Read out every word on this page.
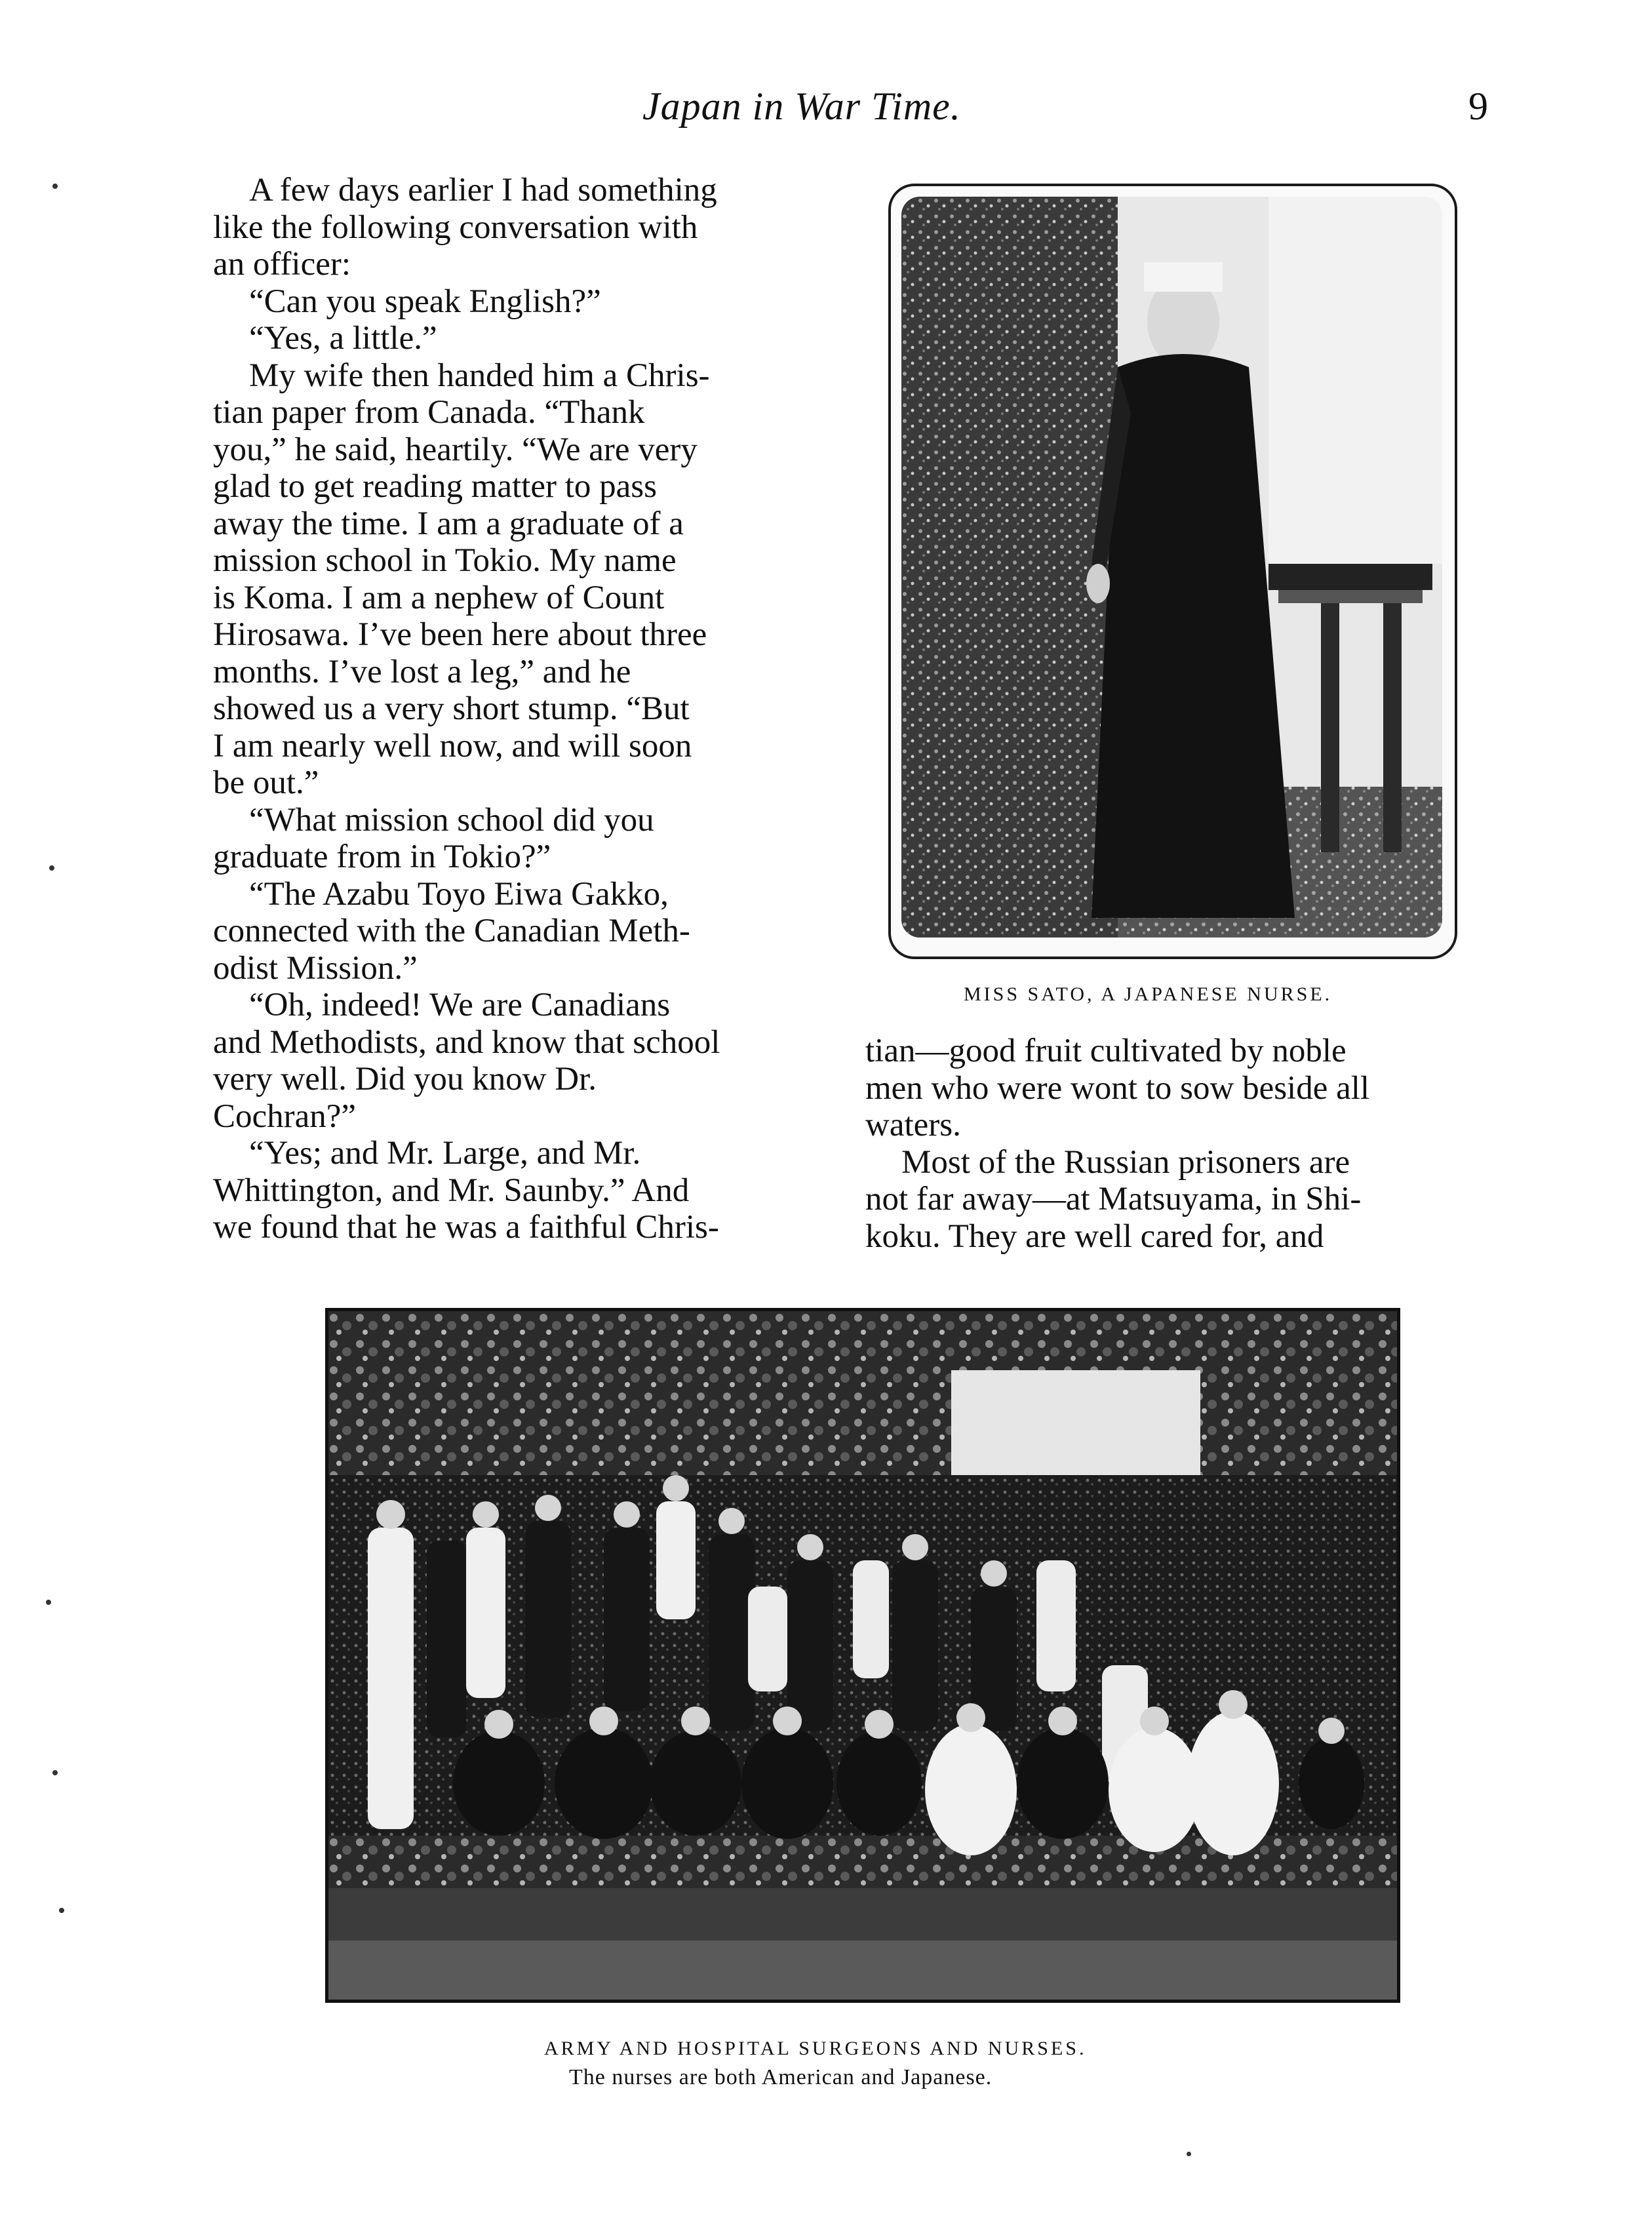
Japan in War Time.	9
A few days earlier I had something
like the following conversation with
an officer:
“Can you speak English?”
“Yes, a little.”
My wife then handed him a Chris-
tian paper from Canada. “Thank
you,” he said, heartily. “We are very
glad to get reading matter to pass
away the time. I am a graduate of a
mission school in Tokio. My name
is Koma. I am a nephew of Count
Hirosawa. I’ve been here about three
months. I’ve lost a leg,” and he
showed us a very short stump. “But
I am nearly well now, and will soon
be out.”
“What mission school did you
graduate from in Tokio?”
“The Azabu Toyo Eiwa Gakko,
connected with the Canadian Meth-
odist Mission.”
“Oh, indeed! We are Canadians
and Methodists, and know that school
very well. Did you know Dr.
Cochran?”
“Yes; and Mr. Large, and Mr.
Whittington, and Mr. Saunby.” And
we found that he was a faithful Chris-
MISS SATO, A JAPANESE NURSE.
tian—good fruit cultivated by noble
men who were wont to sow beside all
waters.
Most of the Russian prisoners are
not far away—at Matsuyama, in Shi-
koku. They are well cared for, and
ARMY AND HOSPITAL SURGEONS AND NURSES.
The nurses are both American and Japanese.
